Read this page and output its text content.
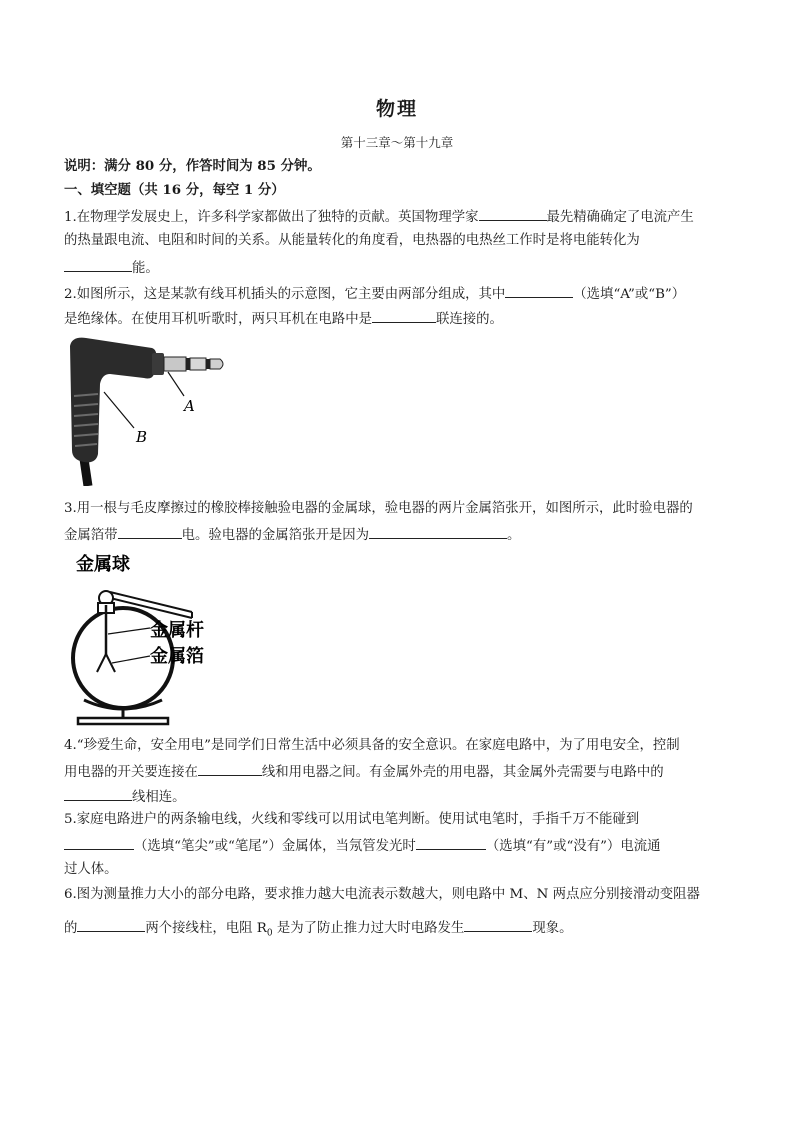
物理
第十三章～第十九章
说明：满分 80 分，作答时间为 85 分钟。
一、填空题（共 16 分，每空 1 分）
1.在物理学发展史上，许多科学家都做出了独特的贡献。英国物理学家	最先精确确定了电流产生
的热量跟电流、电阻和时间的关系。从能量转化的角度看，电热器的电热丝工作时是将电能转化为
能。
2.如图所示，这是某款有线耳机插头的示意图，它主要由两部分组成，其中	（选填“A”或“B”）
是绝缘体。在使用耳机听歌时，两只耳机在电路中是	联连接的。
A
B
3.用一根与毛皮摩擦过的橡胶棒接触验电器的金属球，验电器的两片金属箔张开，如图所示，此时验电器的
金属箔带	电。验电器的金属箔张开是因为	。
金属球
金属杆
金属箔
4.“珍爱生命，安全用电”是同学们日常生活中必须具备的安全意识。在家庭电路中，为了用电安全，控制
用电器的开关要连接在	线和用电器之间。有金属外壳的用电器，其金属外壳需要与电路中的
线相连。
5.家庭电路进户的两条输电线，火线和零线可以用试电笔判断。使用试电笔时，手指千万不能碰到
（选填“笔尖”或“笔尾”）金属体，当氖管发光时	（选填“有”或“没有”）电流通
过人体。
6.图为测量推力大小的部分电路，要求推力越大电流表示数越大，则电路中 M、N 两点应分别接滑动变阻器
的	两个接线柱，电阻 $R_0$ 是为了防止推力过大时电路发生	现象。
